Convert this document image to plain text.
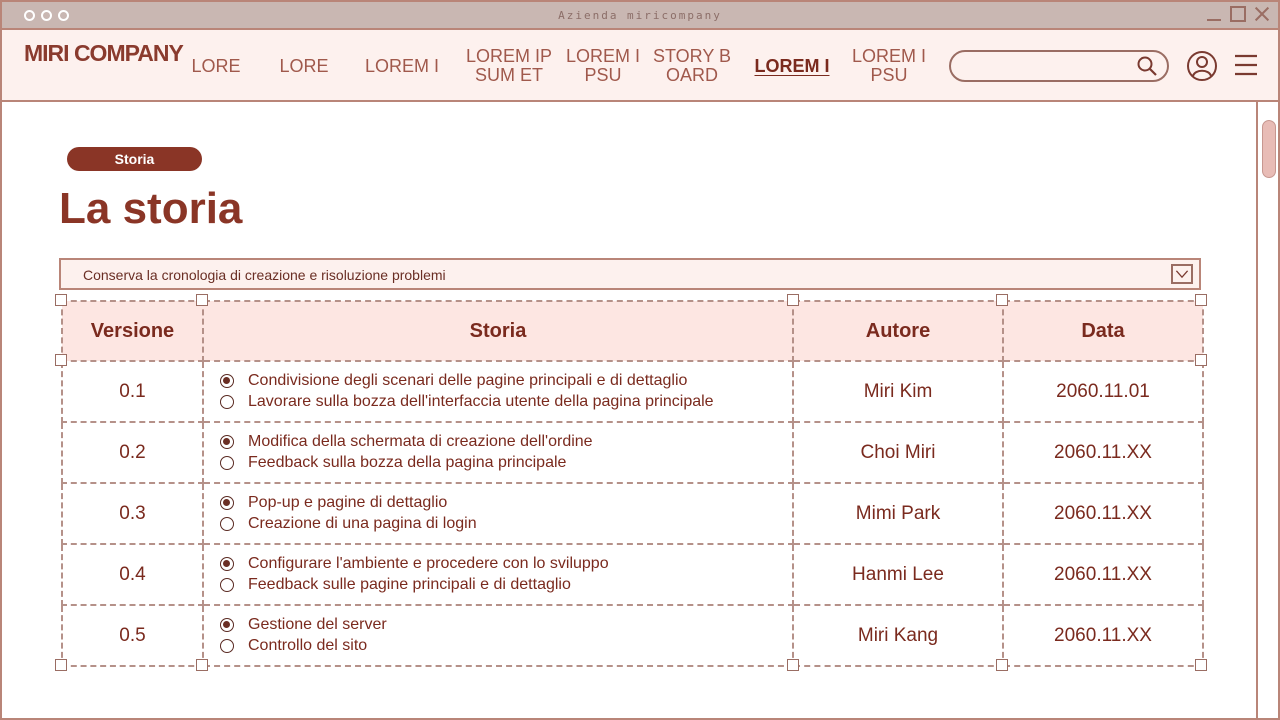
Azienda miricompany
MIRI COMPANY LORE LORE LOREM I	LOREM IPSUM ET
LOREM IPSU
STORY BOARD	LOREM I LOREM IPSU
Storia
La storia
Conserva la cronologia di creazione e risoluzione problemi
Versione	Storia	Autore	Data
0.1	Condivisione degli scenari delle pagine principali e di dettaglio
Lavorare sulla bozza dell'interfaccia utente della pagina principale	Miri Kim	2060.11.01
0.2	Modifica della schermata di creazione dell'ordine
Feedback sulla bozza della pagina principale	Choi Miri	2060.11.XX
0.3	Pop-up e pagine di dettaglio
Creazione di una pagina di login	Mimi Park	2060.11.XX
0.4	Configurare l'ambiente e procedere con lo sviluppo
Feedback sulle pagine principali e di dettaglio	Hanmi Lee	2060.11.XX
0.5	Gestione del server
Controllo del sito	Miri Kang	2060.11.XX
